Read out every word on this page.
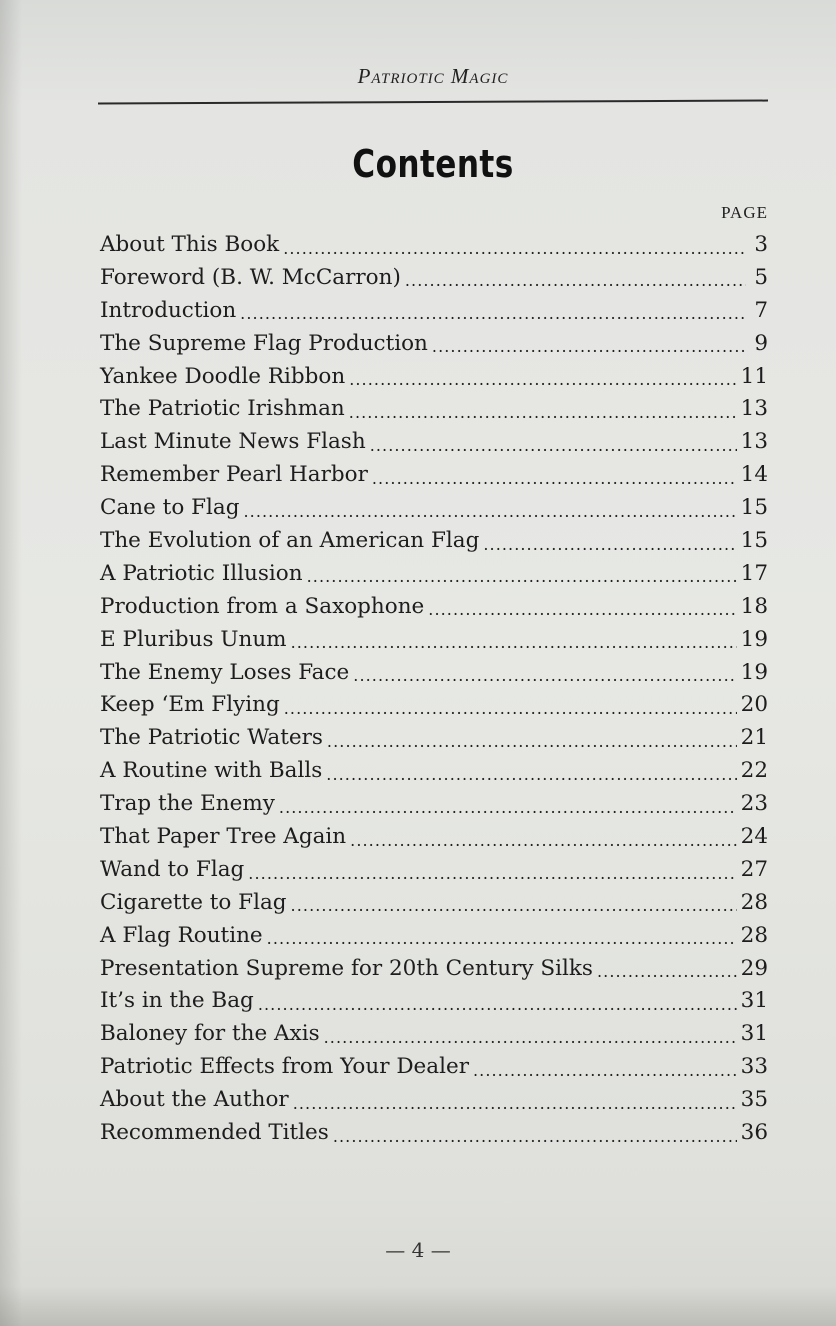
Patriotic Magic
Contents
PAGE
About This Book . . .	3
Foreword (B. W. McCarron) . . .	5
Introduction . . .	7
The Supreme Flag Production . . .	9
Yankee Doodle Ribbon . . .	11
The Patriotic Irishman . . .	13
Last Minute News Flash . . .	13
Remember Pearl Harbor . . .	14
Cane to Flag . . .	15
The Evolution of an American Flag . . .	15
A Patriotic Illusion . . .	17
Production from a Saxophone . . .	18
E Pluribus Unum . . .	19
The Enemy Loses Face . . .	19
Keep ‘Em Flying . . .	20
The Patriotic Waters . . .	21
A Routine with Balls . . .	22
Trap the Enemy . . .	23
That Paper Tree Again . . .	24
Wand to Flag . . .	27
Cigarette to Flag . . .	28
A Flag Routine . . .	28
Presentation Supreme for 20th Century Silks . . .	29
It’s in the Bag . . .	31
Baloney for the Axis . . .	31
Patriotic Effects from Your Dealer . . .	33
About the Author . . .	35
Recommended Titles . . .	36
— 4 —
